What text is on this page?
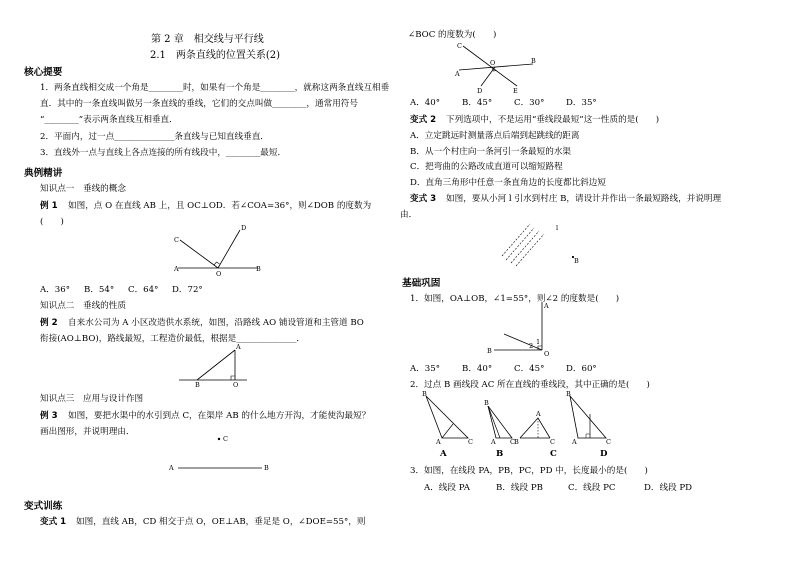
第 2 章　相交线与平行线
2.1　两条直线的位置关系(2)
核心提要
1．两条直线相交成一个角是________时，如果有一个角是________，就称这两条直线互相垂
直．其中的一条直线叫做另一条直线的垂线，它们的交点叫做________，通常用符号
“________”表示两条直线互相垂直．
2．平面内，过一点______________条直线与已知直线垂直．
3．直线外一点与直线上各点连接的所有线段中，________最短．
典例精讲
知识点一　垂线的概念
例 1 如图，点 O 在直线 AB 上，且 OC⊥OD．若∠COA=36°，则∠DOB 的度数为
(　　)
C
D
A
O
B
A．36° B．54° C．64° D．72°
知识点二　垂线的性质
例 2 自来水公司为 A 小区改造供水系统，如图，沿路线 AO 铺设管道和主管道 BO
衔接(AO⊥BO)，路线最短，工程造价最低，根据是______________．
A
B	O
知识点三　应用与设计作图
例 3 如图，要把水渠中的水引到点 C，在渠岸 AB 的什么地方开沟，才能使沟最短？
画出图形，并说明理由．
C
A	B
变式训练
变式 1 如图，直线 AB，CD 相交于点 O，OE⊥AB，垂足是 O，∠DOE=55°，则
∠BOC 的度数为(　　)
C
E
D
A
O	B
A．40°	B．45°	C．30°	D．35°
变式 2 下列选项中，不是运用“垂线段最短”这一性质的是(　　)
A．立定跳远时测量落点后端到起跳线的距离
B．从一个村庄向一条河引一条最短的水渠
C．把弯曲的公路改成直道可以缩短路程
D．直角三角形中任意一条直角边的长度都比斜边短
变式 3 如图，要从小河 l 引水到村庄 B，请设计并作出一条最短路线，并说明理
由．
l
B
基础巩固
1．如图，OA⊥OB，∠1=55°，则∠2 的度数是(　　)
A
1
2
B	O
A．35°	B．40°	C．45°	D．60°
2．过点 B 画线段 AC 所在直线的垂线段，其中正确的是(　　)
B
A	C
B
A C B
A
C
B
A	C
A	B	C	D
3．如图，在线段 PA，PB，PC，PD 中，长度最小的是(　　)
A．线段 PA	B．线段 PB	C．线段 PC	D．线段 PD
